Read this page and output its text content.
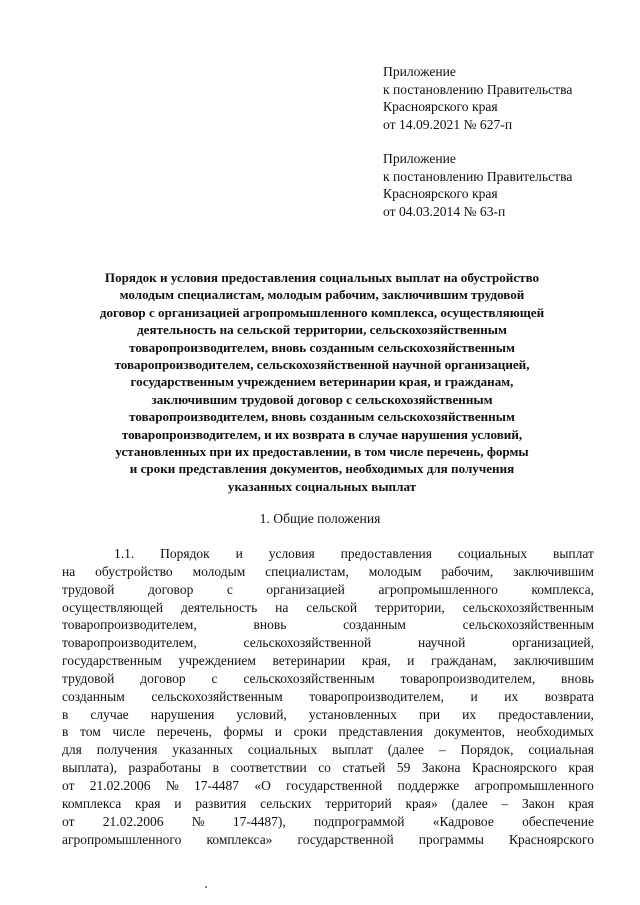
Приложение
к постановлению Правительства
Красноярского края
от 14.09.2021 № 627-п
Приложение
к постановлению Правительства
Красноярского края
от 04.03.2014 № 63-п
Порядок и условия предоставления социальных выплат на обустройство
молодым специалистам, молодым рабочим, заключившим трудовой
договор с организацией агропромышленного комплекса, осуществляющей
деятельность на сельской территории, сельскохозяйственным
товаропроизводителем, вновь созданным сельскохозяйственным
товаропроизводителем, сельскохозяйственной научной организацией,
государственным учреждением ветеринарии края, и гражданам,
заключившим трудовой договор с сельскохозяйственным
товаропроизводителем, вновь созданным сельскохозяйственным
товаропроизводителем, и их возврата в случае нарушения условий,
установленных при их предоставлении, в том числе перечень, формы
и сроки представления документов, необходимых для получения
указанных социальных выплат
1. Общие положения
1.1. Порядок и условия предоставления социальных выплат
на обустройство молодым специалистам, молодым рабочим, заключившим
трудовой договор с организацией агропромышленного комплекса,
осуществляющей деятельность на сельской территории, сельскохозяйственным
товаропроизводителем,	вновь	созданным	сельскохозяйственным
товаропроизводителем,	сельскохозяйственной	научной	организацией,
государственным учреждением ветеринарии края, и гражданам, заключившим
трудовой договор с сельскохозяйственным товаропроизводителем, вновь
созданным сельскохозяйственным товаропроизводителем, и их возврата
в случае нарушения условий, установленных при их предоставлении,
в том числе перечень, формы и сроки представления документов, необходимых
для получения указанных социальных выплат (далее – Порядок, социальная
выплата), разработаны в соответствии со статьей 59 Закона Красноярского края
от 21.02.2006 № 17-4487 «О государственной поддержке агропромышленного
комплекса края и развития сельских территорий края» (далее – Закон края
от 21.02.2006 № 17-4487), подпрограммой «Кадровое обеспечение
агропромышленного комплекса» государственной программы Красноярского
